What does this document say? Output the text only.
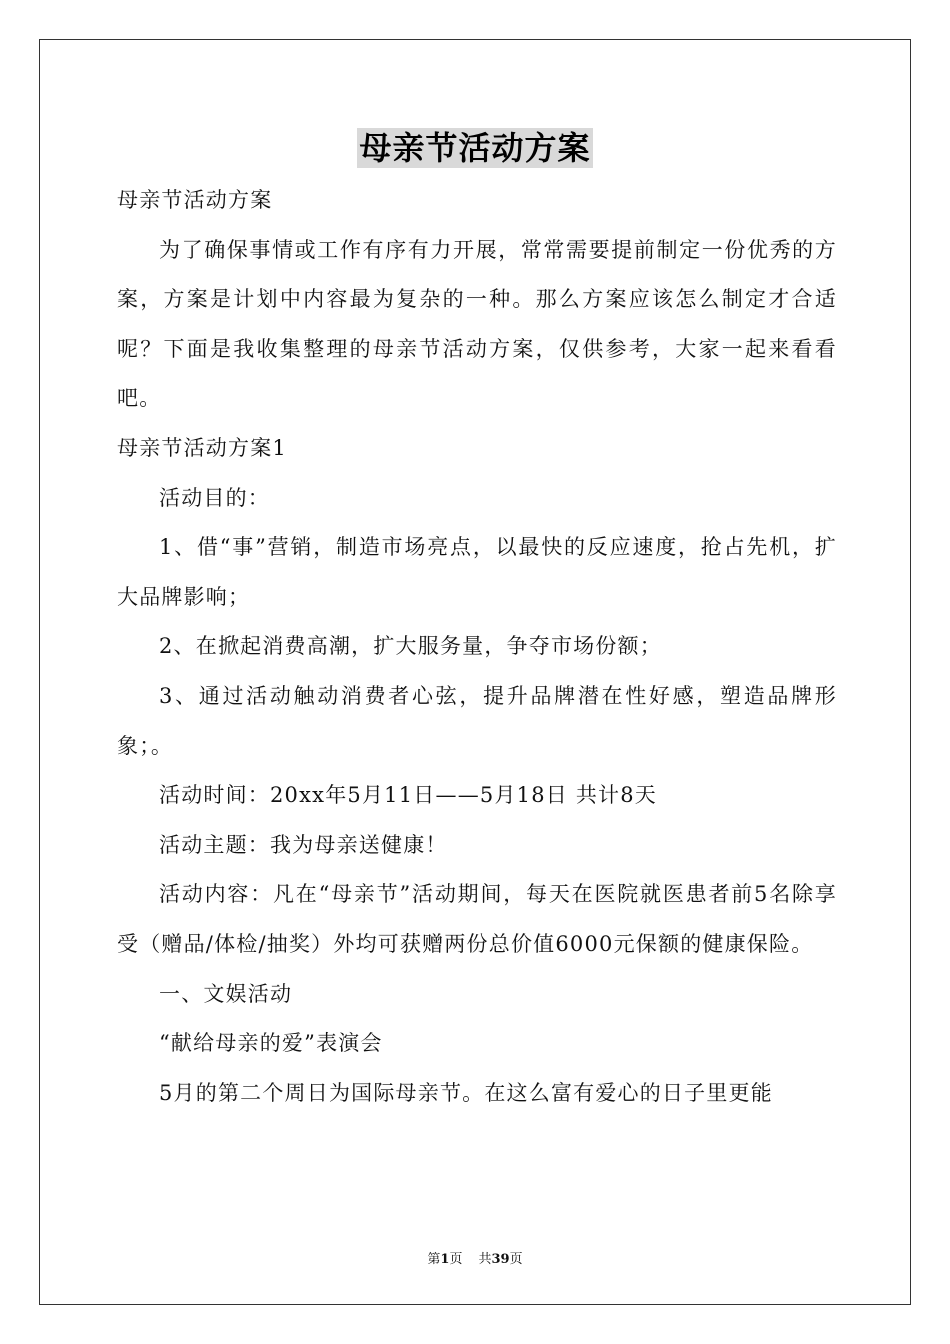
母亲节活动方案

母亲节活动方案

为了确保事情或工作有序有力开展，常常需要提前制定一份优秀的方案，方案是计划中内容最为复杂的一种。那么方案应该怎么制定才合适呢？下面是我收集整理的母亲节活动方案，仅供参考，大家一起来看看吧。

母亲节活动方案1

活动目的：

1、借“事”营销，制造市场亮点，以最快的反应速度，抢占先机，扩大品牌影响；

2、在掀起消费高潮，扩大服务量，争夺市场份额；

3、通过活动触动消费者心弦，提升品牌潜在性好感，塑造品牌形象；。

活动时间：20xx年5月11日——5月18日 共计8天

活动主题：我为母亲送健康！

活动内容：凡在“母亲节”活动期间，每天在医院就医患者前5名除享受（赠品/体检/抽奖）外均可获赠两份总价值6000元保额的健康保险。

一、文娱活动

“献给母亲的爱”表演会

5月的第二个周日为国际母亲节。在这么富有爱心的日子里更能

第1页 共39页
